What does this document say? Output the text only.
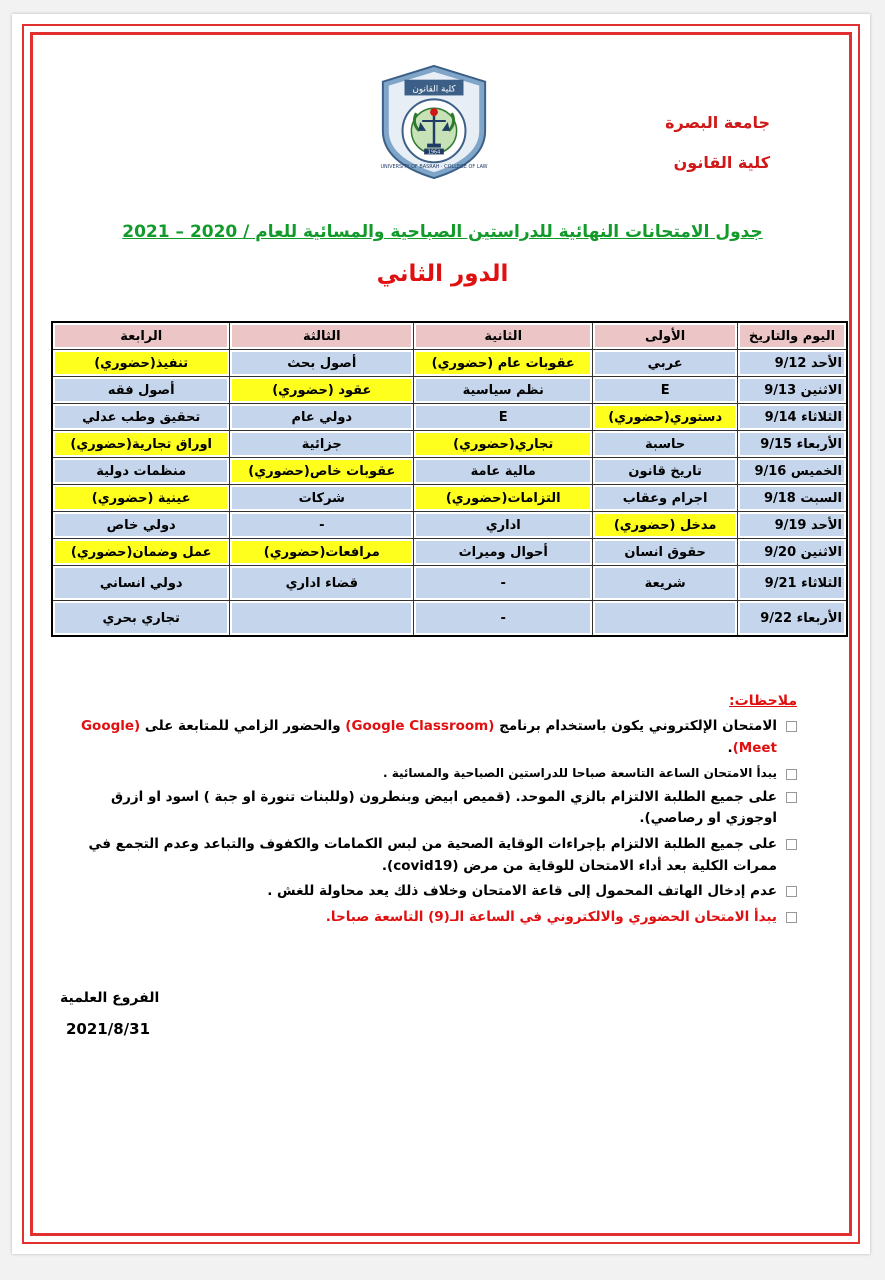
كلية القانون
1964
UNIVERSITY OF BASRAH · COLLEGE OF LAW
جامعة البصرة
كلية القانون
جدول الامتحانات النهائية للدراستين الصباحية والمسائية للعام / 2020 – 2021
الدور الثاني
اليوم والتاريخ	الأولى	الثانية	الثالثة	الرابعة
الأحد 9/12	عربي	عقوبات عام (حضوري)	أصول بحث	تنفيذ(حضوري)
الاثنين 9/13	E	نظم سياسية	عقود (حضوري)	أصول فقه
الثلاثاء 9/14	دستوري(حضوري)	E	دولي عام	تحقيق وطب عدلي
الأربعاء 9/15	حاسبة	تجاري(حضوري)	جزائية	اوراق تجارية(حضوري)
الخميس 9/16	تاريخ قانون	مالية عامة	عقوبات خاص(حضوري)	منظمات دولية
السبت 9/18	اجرام وعقاب	التزامات(حضوري)	شركات	عينية (حضوري)
الأحد 9/19	مدخل (حضوري)	اداري	-	دولي خاص
الاثنين 9/20	حقوق انسان	أحوال وميراث	مرافعات(حضوري)	عمل وضمان(حضوري)
الثلاثاء 9/21	شريعة	-	قضاء اداري	دولي انساني
الأربعاء 9/22		-		تجاري بحري
ملاحظات:
الامتحان الإلكتروني يكون باستخدام برنامج (Google Classroom) والحضور الزامي للمتابعة على (Google Meet).
يبدأ الامتحان الساعة التاسعة صباحا للدراستين الصباحية والمسائية .
على جميع الطلبة الالتزام بالزي الموحد. (قميص ابيض وبنطرون (وللبنات تنورة او جبة ) اسود او ازرق اوجوزي او رصاصي).
على جميع الطلبة الالتزام بإجراءات الوقاية الصحية من لبس الكمامات والكفوف والتباعد وعدم التجمع في ممرات الكلية بعد أداء الامتحان للوقاية من مرض (covid19).
عدم إدخال الهاتف المحمول إلى قاعة الامتحان وخلاف ذلك يعد محاولة للغش .
يبدأ الامتحان الحضوري والالكتروني في الساعة الـ(9) التاسعة صباحا.
الفروع العلمية
2021/8/31
